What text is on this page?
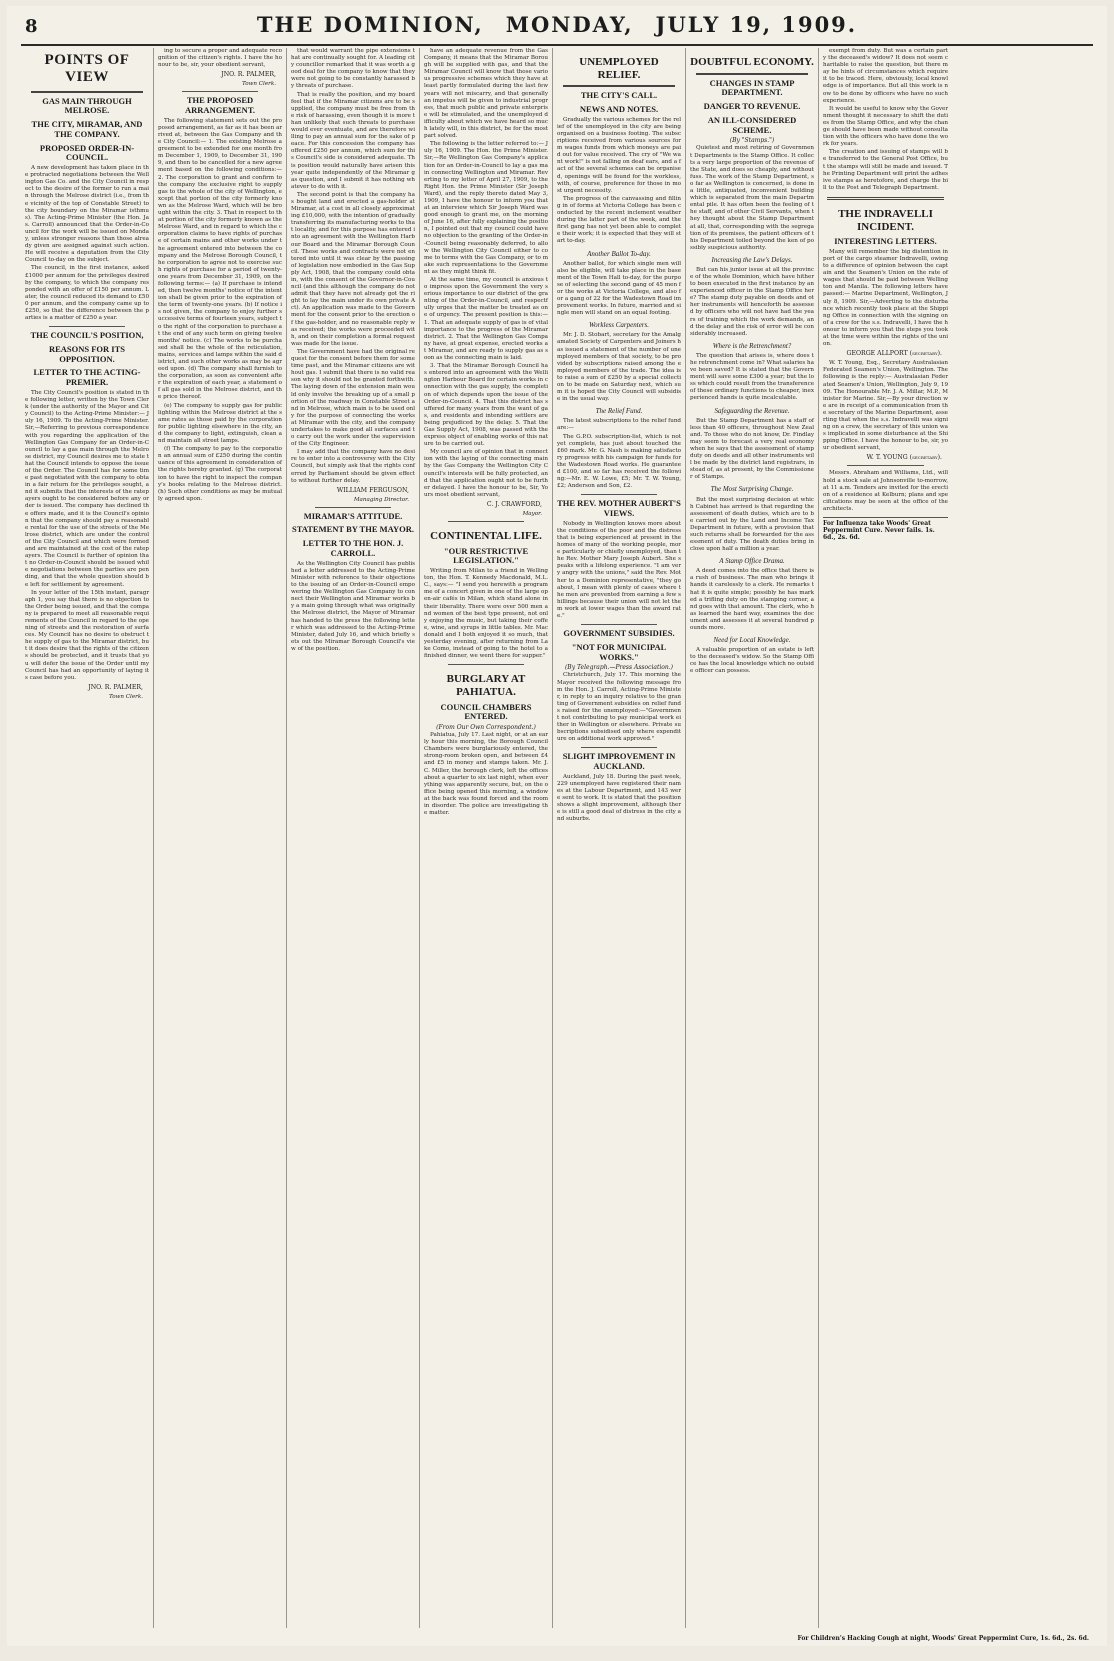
8	THE DOMINION, MONDAY, JULY 19, 1909.
POINTS OF VIEW
GAS MAIN THROUGH MELROSE.
THE CITY, MIRAMAR, AND THE COMPANY.
PROPOSED ORDER-IN-COUNCIL.

A new development has taken place in the protracted negotiations between the Wellington Gas Co. and the City Council in respect to the desire of the former to run a main through the Melrose district (i.e., from the vicinity of the top of Constable Street) to the city boundary on the Miramar isthmus). The Acting-Prime Minister (the Hon. Jas. Carroll) announced that the Order-in-Council for the work will be issued on Monday, unless stronger reasons than those already given are assigned against such action. He will receive a deputation from the City Council to-day on the subject.

The council, in the first instance, asked £1000 per annum for the privileges desired by the company, to which the company responded with an offer of £150 per annum. Later, the council reduced its demand to £500 per annum, and the company came up to £250, so that the difference between the parties is a matter of £250 a year.

THE COUNCIL'S POSITION,
REASONS FOR ITS OPPOSITION.
LETTER TO THE ACTING-PREMIER.

The City Council's position is stated in the following letter, written by the Town Clerk (under the authority of the Mayor and City Council) to the Acting-Prime Minister:— July 16, 1909. To the Acting-Prime Minister. Sir,—Referring to previous correspondence with you regarding the application of the Wellington Gas Company for an Order-in-Council to lay a gas main through the Melrose district, my Council desires me to state that the Council intends to oppose the issue of the Order. The Council has for some time past negotiated with the company to obtain a fair return for the privileges sought, and it submits that the interests of the ratepayers ought to be considered before any order is issued. The company has declined the offers made, and it is the Council's opinion that the company should pay a reasonable rental for the use of the streets of the Melrose district, which are under the control of the City Council and which were formed and are maintained at the cost of the ratepayers. The Council is further of opinion that no Order-in-Council should be issued while negotiations between the parties are pending, and that the whole question should be left for settlement by agreement.

In your letter of the 15th instant, paragraph 1, you say that there is no objection to the Order being issued, and that the company is prepared to meet all reasonable requirements of the Council in regard to the opening of streets and the restoration of surfaces. My Council has no desire to obstruct the supply of gas to the Miramar district, but it does desire that the rights of the citizens should be protected, and it trusts that you will defer the issue of the Order until my Council has had an opportunity of laying its case before you.

JNO. R. PALMER,
Town Clerk.

ing to secure a proper and adequate recognition of the citizen's rights. I have the honour to be, sir, your obedient servant,

JNO. R. PALMER,
Town Clerk.
THE PROPOSED ARRANGEMENT.

The following statement sets out the proposed arrangement, as far as it has been arrived at, between the Gas Company and the City Council:— 1. The existing Melrose agreement to be extended for one month from December 1, 1909, to December 31, 1909, and then to be cancelled for a new agreement based on the following conditions:— 2. The corporation to grant and confirm to the company the exclusive right to supply gas to the whole of the city of Wellington, except that portion of the city formerly known as the Melrose Ward, which will be brought within the city. 3. That in respect to that portion of the city formerly known as the Melrose Ward, and in regard to which the corporation claims to have rights of purchase of certain mains and other works under the agreement entered into between the company and the Melrose Borough Council, the corporation to agree not to exercise such rights of purchase for a period of twenty-one years from December 31, 1909, on the following terms:— (a) If purchase is intended, then twelve months' notice of the intention shall be given prior to the expiration of the term of twenty-one years. (b) If notice is not given, the company to enjoy further successive terms of fourteen years, subject to the right of the corporation to purchase at the end of any such term on giving twelve months' notice. (c) The works to be purchased shall be the whole of the reticulation, mains, services and lamps within the said district, and such other works as may be agreed upon. (d) The company shall furnish to the corporation, as soon as convenient after the expiration of each year, a statement of all gas sold in the Melrose district, and the price thereof.

(e) The company to supply gas for public lighting within the Melrose district at the same rates as those paid by the corporation for public lighting elsewhere in the city, and the company to light, extinguish, clean and maintain all street lamps.

(f) The company to pay to the corporation an annual sum of £250 during the continuance of this agreement in consideration of the rights hereby granted. (g) The corporation to have the right to inspect the company's books relating to the Melrose district. (h) Such other conditions as may be mutually agreed upon.

that would warrant the pipe extensions that are continually sought for. A leading city councillor remarked that it was worth a good deal for the company to know that they were not going to be constantly harassed by threats of purchase.

That is really the position, and my board feel that if the Miramar citizens are to be supplied, the company must be free from the risk of harassing, even though it is more than unlikely that such threats to purchase would ever eventuate, and are therefore willing to pay an annual sum for the sake of peace. For this concession the company has offered £250 per annum, which sum for this Council's side is considered adequate. This position would naturally have arisen this year quite independently of the Miramar gas question, and I submit it has nothing whatever to do with it.

The second point is that the company has bought land and erected a gas-holder at Miramar, at a cost in all closely approximating £10,000, with the intention of gradually transferring its manufacturing works to that locality, and for this purpose has entered into an agreement with the Wellington Harbour Board and the Miramar Borough Council. These works and contracts were not entered into until it was clear by the passing of legislation now embodied in the Gas Supply Act, 1908, that the company could obtain, with the consent of the Governor-in-Council (and this although the company do not admit that they have not already got the right to lay the main under its own private Act). An application was made to the Government for the consent prior to the erection of the gas-holder, and no reasonable reply was received; the works were proceeded with, and on their completion a formal request was made for the issue.

The Government have had the original request for the consent before them for some time past, and the Miramar citizens are without gas. I submit that there is no valid reason why it should not be granted forthwith. The laying down of the extension main would only involve the breaking up of a small portion of the roadway in Constable Street and in Melrose, which main is to be used only for the purpose of connecting the works at Miramar with the city, and the company undertakes to make good all surfaces and to carry out the work under the supervision of the City Engineer.

I may add that the company have no desire to enter into a controversy with the City Council, but simply ask that the rights conferred by Parliament should be given effect to without further delay.

WILLIAM FERGUSON,
Managing Director.
MIRAMAR'S ATTITUDE.
STATEMENT BY THE MAYOR.
LETTER TO THE HON. J. CARROLL.

As the Wellington City Council has published a letter addressed to the Acting-Prime Minister with reference to their objections to the issuing of an Order-in-Council empowering the Wellington Gas Company to connect their Wellington and Miramar works by a main going through what was originally the Melrose district, the Mayor of Miramar has handed to the press the following letter which was addressed to the Acting-Prime Minister, dated July 16, and which briefly sets out the Miramar Borough Council's view of the position.

have an adequate revenue from the Gas Company, it means that the Miramar Borough will be supplied with gas, and that the Miramar Council will know that those various progressive schemes which they have at least partly formulated during the last few years will not miscarry, and that generally an impetus will be given to industrial progress, that much public and private enterprise will be stimulated, and the unemployed difficulty about which we have heard so much lately will, in this district, be for the most part solved.

The following is the letter referred to:— July 16, 1909. The Hon. the Prime Minister. Sir,—Re Wellington Gas Company's application for an Order-in-Council to lay a gas main connecting Wellington and Miramar. Reverting to my letter of April 27, 1909, to the Right Hon. the Prime Minister (Sir Joseph Ward), and the reply thereto dated May 3, 1909, I have the honour to inform you that at an interview which Sir Joseph Ward was good enough to grant me, on the morning of June 16, after fully explaining the position, I pointed out that my council could have no objection to the granting of the Order-in-Council being reasonably deferred, to allow the Wellington City Council either to come to terms with the Gas Company, or to make such representations to the Government as they might think fit.

At the same time, my council is anxious to impress upon the Government the very serious importance to our district of the granting of the Order-in-Council, and respectfully urges that the matter be treated as one of urgency. The present position is this:— 1. That an adequate supply of gas is of vital importance to the progress of the Miramar district. 2. That the Wellington Gas Company have, at great expense, erected works at Miramar, and are ready to supply gas as soon as the connecting main is laid.

3. That the Miramar Borough Council has entered into an agreement with the Wellington Harbour Board for certain works in connection with the gas supply, the completion of which depends upon the issue of the Order-in-Council. 4. That this district has suffered for many years from the want of gas, and residents and intending settlers are being prejudiced by the delay. 5. That the Gas Supply Act, 1908, was passed with the express object of enabling works of this nature to be carried out.

My council are of opinion that in connection with the laying of the connecting main by the Gas Company the Wellington City Council's interests will be fully protected, and that the application ought not to be further delayed. I have the honour to be, Sir, Yours most obedient servant,

C. J. CRAWFORD,
Mayor.
CONTINENTAL LIFE.
"OUR RESTRICTIVE LEGISLATION."

Writing from Milan to a friend in Wellington, the Hon. T. Kennedy Macdonald, M.L.C., says:— "I send you herewith a programme of a concert given in one of the large open-air cafés in Milan, which stand alone in their liberality. There were over 500 men and women of the best type present, not only enjoying the music, but taking their coffee, wine, and syrups in little tables. Mr. Macdonald and I both enjoyed it so much, that yesterday evening, after returning from Lake Como, instead of going to the hotel to a finished dinner, we went there for supper."

BURGLARY AT PAHIATUA.
COUNCIL CHAMBERS ENTERED.
(From Our Own Correspondent.)

Pahiatua, July 17. Last night, or at an early hour this morning, the Borough Council Chambers were burglariously entered, the strong-room broken open, and between £4 and £5 in money and stamps taken. Mr. J. C. Miller, the borough clerk, left the offices about a quarter to six last night, when everything was apparently secure, but, on the office being opened this morning, a window at the back was found forced and the room in disorder. The police are investigating the matter.

UNEMPLOYED RELIEF.
THE CITY'S CALL.
NEWS AND NOTES.

Gradually the various schemes for the relief of the unemployed in the city are being organised on a business footing. The subscriptions received from various sources form wages funds from which moneys are paid out for value received. The cry of "We want work!" is not falling on deaf ears, and a fact of the several schemes can be organised, openings will be found for the workless, with, of course, preference for those in most urgent necessity.

The progress of the canvassing and filling in of forms at Victoria College has been conducted by the recent inclement weather during the latter part of the week, and the first gang has not yet been able to complete their work; it is expected that they will start to-day.

Another Ballot To-day.

Another ballot, for which single men will also be eligible, will take place in the basement of the Town Hall to-day, for the purpose of selecting the second gang of 45 men for the works at Victoria College, and also for a gang of 22 for the Wadestown Road improvement works. In future, married and single men will stand on an equal footing.

Workless Carpenters.

Mr. J. D. Stobart, secretary for the Amalgamated Society of Carpenters and Joiners has issued a statement of the number of unemployed members of that society, to be provided by subscriptions raised among the employed members of the trade. The idea is to raise a sum of £250 by a special collection to be made on Saturday next, which sum it is hoped the City Council will subsidise in the usual way.

The Relief Fund.

The latest subscriptions to the relief fund are:—

The G.P.O. subscription-list, which is not yet complete, has just about touched the £60 mark. Mr. G. Nash is making satisfactory progress with his campaign for funds for the Wadestown Road works. He guaranteed £100, and so far has received the following:—Mr. E. W. Lowe, £5; Mr. T. W. Young, £2; Anderson and Son, £2.

THE REV. MOTHER AUBERT'S VIEWS.

Nobody in Wellington knows more about the conditions of the poor and the distress that is being experienced at present in the homes of many of the working people, more particularly or chiefly unemployed, than the Rev. Mother Mary Joseph Aubert. She speaks with a lifelong experience. "I am very angry with the unions," said the Rev. Mother to a Dominion representative, "they go about, I mean with plenty of cases where the men are prevented from earning a few shillings because their union will not let them work at lower wages than the award rate."

GOVERNMENT SUBSIDIES.
"NOT FOR MUNICIPAL WORKS."
(By Telegraph.—Press Association.)

Christchurch, July 17. This morning the Mayor received the following message from the Hon. J. Carroll, Acting-Prime Minister, in reply to an inquiry relative to the granting of Government subsidies on relief funds raised for the unemployed:—"Government not contributing to pay municipal work either in Wellington or elsewhere. Private subscriptions subsidised only where expenditure on additional work approved."

SLIGHT IMPROVEMENT IN AUCKLAND.

Auckland, July 18. During the past week, 229 unemployed have registered their names at the Labour Department, and 143 were sent to work. It is stated that the position shows a slight improvement, although there is still a good deal of distress in the city and suburbs.

DOUBTFUL ECONOMY.
CHANGES IN STAMP DEPARTMENT.
DANGER TO REVENUE.
AN ILL-CONSIDERED SCHEME.
(By "Stamps.")

Quietest and most retiring of Government Departments is the Stamp Office. It collects a very large proportion of the revenue of the State, and does so cheaply, and without fuss. The work of the Stamp Department, so far as Wellington is concerned, is done in a little, antiquated, inconvenient building which is separated from the main Departmental pile. It has often been the feeling of the staff, and of other Civil Servants, when they thought about the Stamp Department at all, that, corresponding with the segregation of its premises, the patient officers of this Department toiled beyond the ken of possibly suspicious authority.

Increasing the Law's Delays.

But can his junior issue at all the province of the whole Dominion, which have hitherto been executed in the first instance by an experienced officer in the Stamp Office here? The stamp duty payable on deeds and other instruments will henceforth be assessed by officers who will not have had the years of training which the work demands, and the delay and the risk of error will be considerably increased.

Where is the Retrenchment?

The question that arises is, where does the retrenchment come in? What salaries have been saved? It is stated that the Government will save some £300 a year; but the loss which could result from the transference of these ordinary functions to cheaper, inexperienced hands is quite incalculable.

Safeguarding the Revenue.

But the Stamp Department has a staff of less than 40 officers, throughout New Zealand. To those who do not know, Dr. Findlay may seem to forecast a very real economy when he says that the assessment of stamp duty on deeds and all other instruments will be made by the district land registrars, instead of, as at present, by the Commissioner of Stamps.

The Most Surprising Change.

But the most surprising decision at which Cabinet has arrived is that regarding the assessment of death duties, which are to be carried out by the Land and Income Tax Department in future, with a provision that such returns shall be forwarded for the assessment of duty. The death duties bring in close upon half a million a year.

A Stamp Office Drama.

A deed comes into the office that there is a rush of business. The man who brings it hands it carelessly to a clerk. He remarks that it is quite simple; possibly he has marked a trifling duty on the stamping corner, and goes with that amount. The clerk, who has learned the hard way, examines the document and assesses it at several hundred pounds more.

Need for Local Knowledge.

A valuable proportion of an estate is left to the deceased's widow. So the Stamp Office has the local knowledge which no outside officer can possess.

exempt from duty. But was a certain party the deceased's widow? It does not seem charitable to raise the question, but there may be hints of circumstances which require it to be traced. Here, obviously, local knowledge is of importance. But all this work is now to be done by officers who have no such experience.

It would be useful to know why the Government thought it necessary to shift the duties from the Stamp Office, and why the change should have been made without consultation with the officers who have done the work for years.

The creation and issuing of stamps will be transferred to the General Post Office, but the stamps will still be made and issued. The Printing Department will print the adhesive stamps as heretofore, and charge the bill to the Post and Telegraph Department.

THE INDRAVELLI INCIDENT.
INTERESTING LETTERS.

Many will remember the big distention in port of the cargo steamer Indravelli, owing to a difference of opinion between the captain and the Seamen's Union on the rate of wages that should be paid between Wellington and Manila. The following letters have passed:— Marine Department, Wellington, July 8, 1909. Sir,—Adverting to the disturbance which recently took place at the Shipping Office in connection with the signing on of a crew for the s.s. Indravelli, I have the honour to inform you that the steps you took at the time were within the rights of the union.

GEORGE ALLPORT (secretary).

W. T. Young, Esq., Secretary Australasian Federated Seamen's Union, Wellington. The following is the reply:— Australasian Federated Seamen's Union, Wellington, July 9, 1909. The Honourable Mr. J. A. Millar, M.P., Minister for Marine. Sir,—By your direction we are in receipt of a communication from the secretary of the Marine Department, asserting that when the s.s. Indravelli was signing on a crew, the secretary of this union was implicated in some disturbance at the Shipping Office. I have the honour to be, sir, your obedient servant,

W. T. YOUNG (secretary).

Messrs. Abraham and Williams, Ltd., will hold a stock sale at Johnsonville to-morrow, at 11 a.m. Tenders are invited for the erection of a residence at Kelburn; plans and specifications may be seen at the office of the architects.

For Influenza take Woods' Great Peppermint Cure. Never fails. 1s. 6d., 2s. 6d.
For Children's Hacking Cough at night, Woods' Great Peppermint Cure, 1s. 6d., 2s. 6d.
